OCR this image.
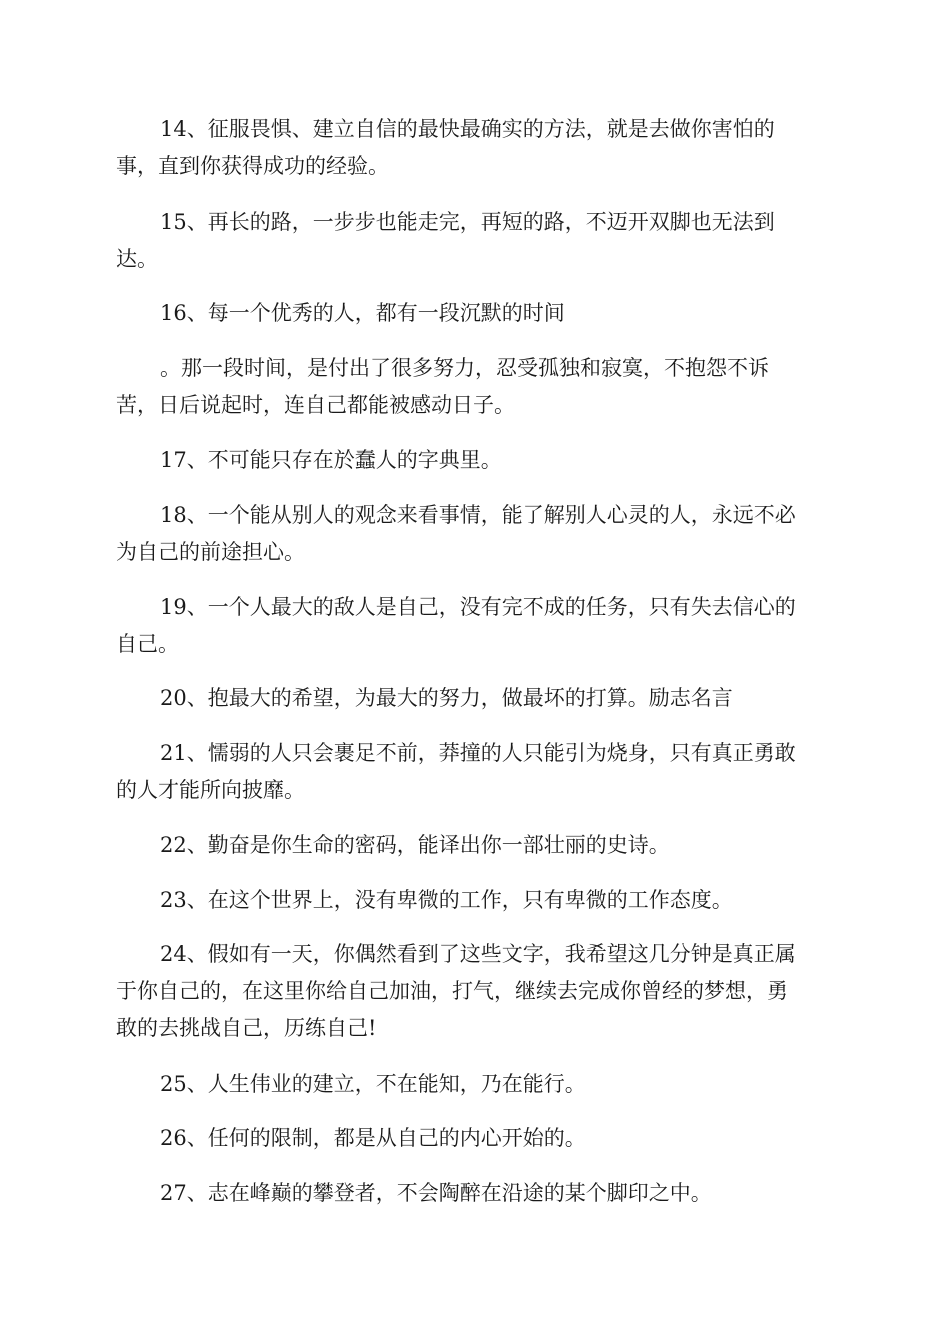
14、征服畏惧、建立自信的最快最确实的方法，就是去做你害怕的
事，直到你获得成功的经验。

15、再长的路，一步步也能走完，再短的路，不迈开双脚也无法到
达。

16、每一个优秀的人，都有一段沉默的时间

。那一段时间，是付出了很多努力，忍受孤独和寂寞，不抱怨不诉
苦，日后说起时，连自己都能被感动日子。

17、不可能只存在於蠢人的字典里。

18、一个能从别人的观念来看事情，能了解别人心灵的人，永远不必
为自己的前途担心。

19、一个人最大的敌人是自己，没有完不成的任务，只有失去信心的
自己。

20、抱最大的希望，为最大的努力，做最坏的打算。励志名言

21、懦弱的人只会裹足不前，莽撞的人只能引为烧身，只有真正勇敢
的人才能所向披靡。

22、勤奋是你生命的密码，能译出你一部壮丽的史诗。

23、在这个世界上，没有卑微的工作，只有卑微的工作态度。

24、假如有一天，你偶然看到了这些文字，我希望这几分钟是真正属
于你自己的，在这里你给自己加油，打气，继续去完成你曾经的梦想，勇
敢的去挑战自己，历练自己!

25、人生伟业的建立，不在能知，乃在能行。

26、任何的限制，都是从自己的内心开始的。

27、志在峰巅的攀登者，不会陶醉在沿途的某个脚印之中。
